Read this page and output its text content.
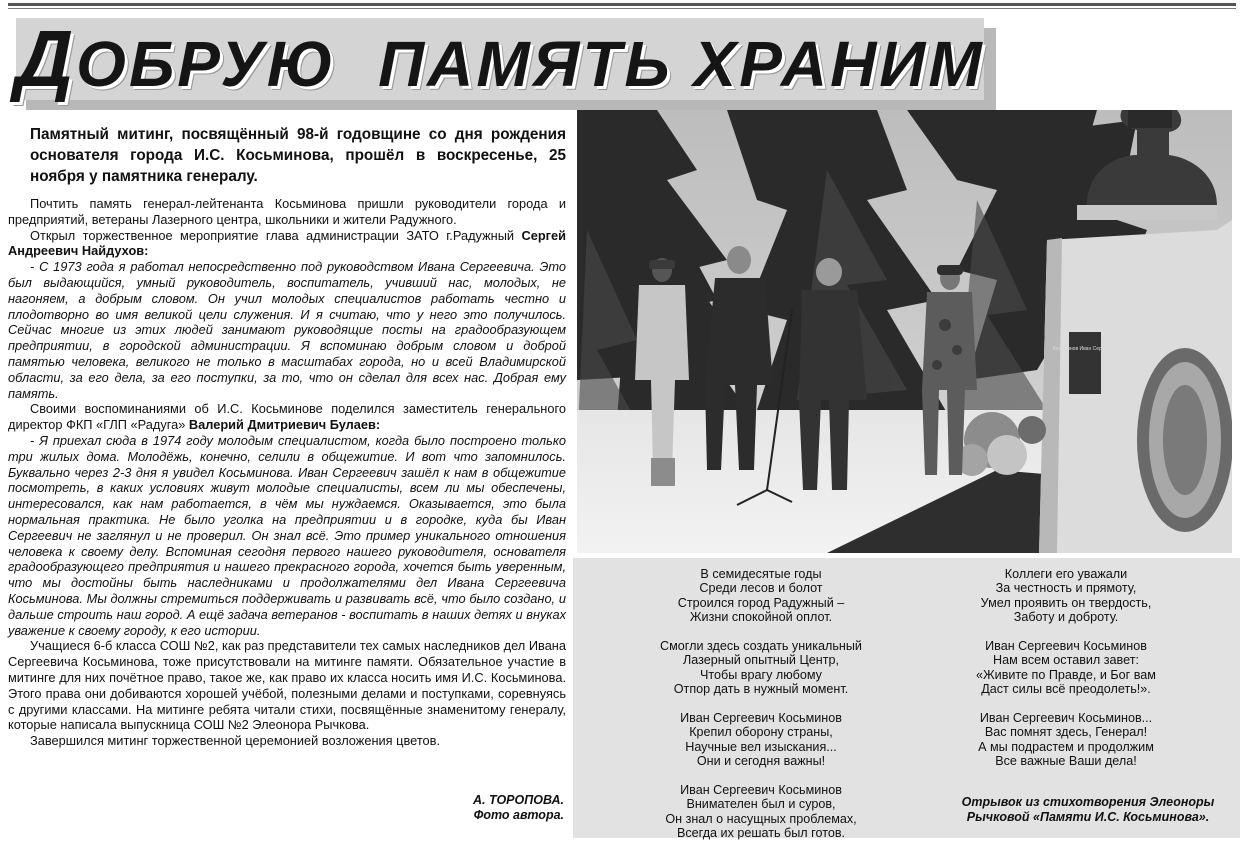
ДОБРУЮ  ПАМЯТЬ ХРАНИМ
Памятный митинг, посвящённый 98-й годовщине со дня рождения основателя города И.С. Косьминова, прошёл в воскресенье, 25 ноября у памятника генералу.

Почтить память генерал-лейтенанта Косьминова пришли руководители города и предприятий, ветераны Лазерного центра, школьники и жители Радужного.

Открыл торжественное мероприятие глава администрации ЗАТО г.Радужный Сергей Андреевич Найдухов:

- С 1973 года я работал непосредственно под руководством Ивана Сергеевича. Это был выдающийся, умный руководитель, воспитатель, учивший нас, молодых, не нагоняем, а добрым словом. Он учил молодых специалистов работать честно и плодотворно во имя великой цели служения. И я считаю, что у него это получилось. Сейчас многие из этих людей занимают руководящие посты на градообразующем предприятии, в городской администрации. Я вспоминаю добрым словом и доброй памятью человека, великого не только в масштабах города, но и всей Владимирской области, за его дела, за его поступки, за то, что он сделал для всех нас. Добрая ему память.

Своими воспоминаниями об И.С. Косьминове поделился заместитель генерального директор ФКП «ГЛП «Радуга» Валерий Дмитриевич Булаев:

- Я приехал сюда в 1974 году молодым специалистом, когда было построено только три жилых дома. Молодёжь, конечно, селили в общежитие. И вот что запомнилось. Буквально через 2-3 дня я увидел Косьминова. Иван Сергеевич зашёл к нам в общежитие посмотреть, в каких условиях живут молодые специалисты, всем ли мы обеспечены, интересовался, как нам работается, в чём мы нуждаемся. Оказывается, это была нормальная практика. Не было уголка на предприятии и в городке, куда бы Иван Сергеевич не заглянул и не проверил. Он знал всё. Это пример уникального отношения человека к своему делу. Вспоминая сегодня первого нашего руководителя, основателя градообразующего предприятия и нашего прекрасного города, хочется быть уверенным, что мы достойны быть наследниками и продолжателями дел Ивана Сергеевича Косьминова. Мы должны стремиться поддерживать и развивать всё, что было создано, и дальше строить наш город. А ещё задача ветеранов - воспитать в наших детях и внуках уважение к своему городу, к его истории.

Учащиеся 6-б класса СОШ №2, как раз представители тех самых наследников дел Ивана Сергеевича Косьминова, тоже присутствовали на митинге памяти. Обязательное участие в митинге для них почётное право, такое же, как право их класса носить имя И.С. Косьминова. Этого права они добиваются хорошей учёбой, полезными делами и поступками, соревнуясь с другими классами. На митинге ребята читали стихи, посвящённые знаменитому генералу, которые написала выпускница СОШ №2 Элеонора Рычкова.

Завершился митинг торжественной церемонией возложения цветов.

А. ТОРОПОВА.
Фото автора.
Косьминов Иван Сергеевич

В семидесятые годы
Среди лесов и болот
Строился город Радужный –
Жизни спокойной оплот.

Смогли здесь создать уникальный
Лазерный опытный Центр,
Чтобы врагу любому
Отпор дать в нужный момент.

Иван Сергеевич Косьминов
Крепил оборону страны,
Научные вел изыскания...
Они и сегодня важны!

Иван Сергеевич Косьминов
Внимателен был и суров,
Он знал о насущных проблемах,
Всегда их решать был готов.

Коллеги его уважали
За честность и прямоту,
Умел проявить он твердость,
Заботу и доброту.

Иван Сергеевич Косьминов
Нам всем оставил завет:
«Живите по Правде, и Бог вам
Даст силы всё преодолеть!».

Иван Сергеевич Косьминов...
Вас помнят здесь, Генерал!
А мы подрастем и продолжим
Все важные Ваши дела!

Отрывок из стихотворения Элеоноры
Рычковой «Памяти И.С. Косьминова».
